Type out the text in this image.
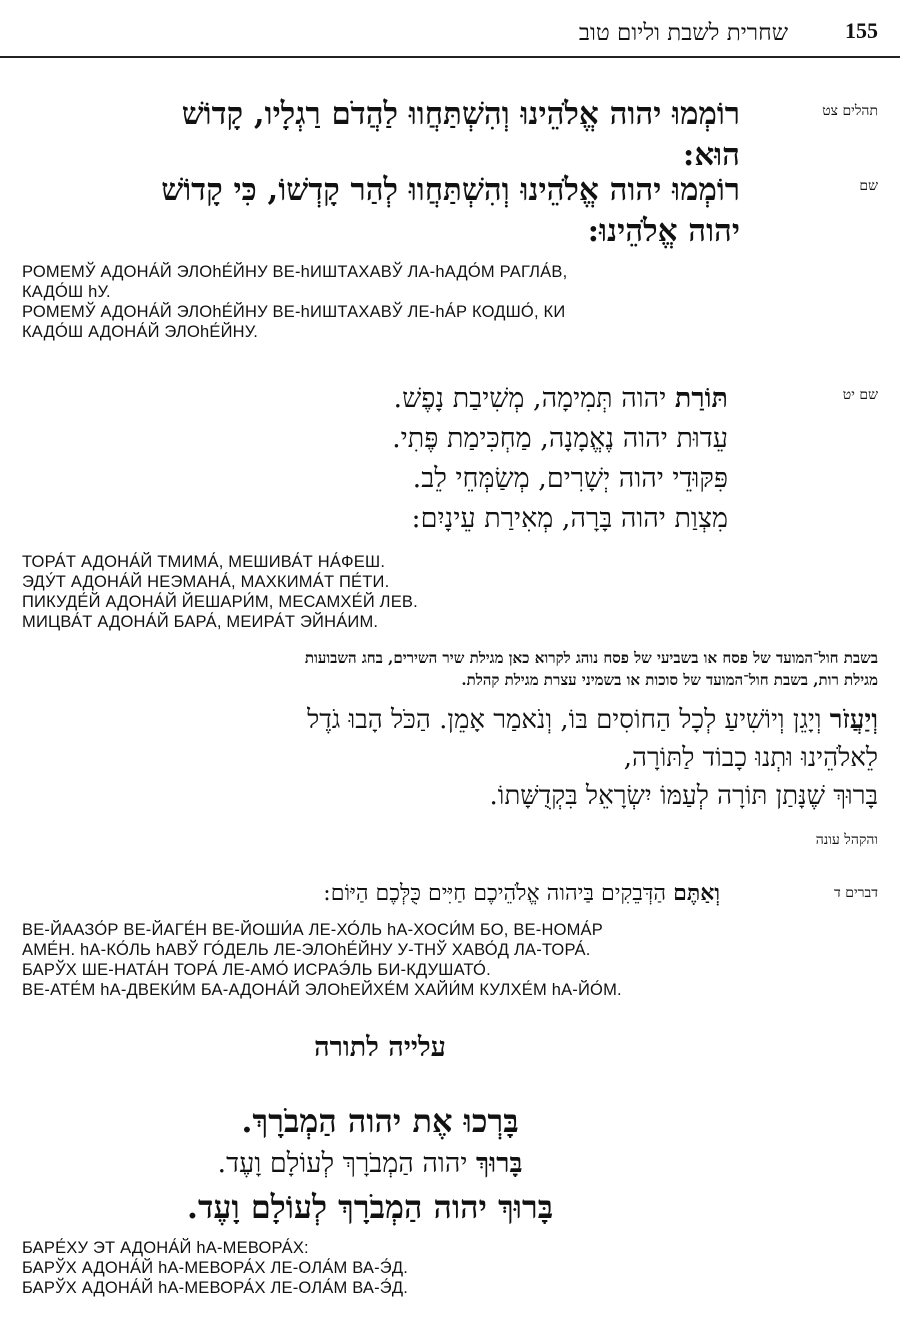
155
שחרית לשבת וליום טוב
תהלים צט
רוֹמְמוּ יהוה אֱלֹהֵינוּ וְהִשְׁתַּחֲווּ לַהֲדֹם רַגְלָיו, קָדוֹשׁ
הוּא:
שם
רוֹמְמוּ יהוה אֱלֹהֵינוּ וְהִשְׁתַּחֲווּ לְהַר קָדְשׁוֹ, כִּי קָדוֹשׁ
יהוה אֱלֹהֵינוּ:
РОМЕМЎ АДОНА́Й ЭЛОhЕ́ЙНУ ВЕ-hИШТАХАВЎ ЛА-hАДО́М РАГЛА́В,
КАДО́Ш hУ.
РОМЕМЎ АДОНА́Й ЭЛОhЕ́ЙНУ ВЕ-hИШТАХАВЎ ЛЕ-hА́Р КОДШО́, КИ
КАДО́Ш АДОНА́Й ЭЛОhЕ́ЙНУ.
שם יט
תּוֹרַת יהוה תְּמִימָה, מְשִׁיבַת נָפֶשׁ.
עֵדוּת יהוה נֶאֱמָנָה, מַחְכִּימַת פֶּתִי.
פִּקּוּדֵי יהוה יְשָׁרִים, מְשַׂמְּחֵי לֵב.
מִצְוַת יהוה בָּרָה, מְאִירַת עֵינָיִם:
ТОРА́Т АДОНА́Й ТМИМА́, МЕШИВА́Т НА́ФЕШ.
ЭДУ́Т АДОНА́Й НЕЭМАНА́, МАХКИМА́Т ПЕ́ТИ.
ПИКУДЕ́Й АДОНА́Й ЙЕШАРИ́М, МЕСАМХЕ́Й ЛЕВ.
МИЦВА́Т АДОНА́Й БАРА́, МЕИРА́Т ЭЙНА́ИМ.
בשבת חול־המועד של פסח או בשביעי של פסח נוהג לקרוא כאן מגילת שיר השירים, בחג השבועות
מגילת רות, בשבת חול־המועד של סוכות או בשמיני עצרת מגילת קהלת.
וְיַעֲזֹר וְיָגֵן וְיוֹשִׁיעַ לְכָל הַחוֹסִים בּוֹ, וְנֹאמַר אָמֵן. הַכֹּל הָבוּ גֹדֶל
לֵאלֹהֵינוּ וּתְנוּ כָבוֹד לַתּוֹרָה,
בָּרוּךְ שֶׁנָּתַן תּוֹרָה לְעַמּוֹ יִשְׂרָאֵל בִּקְדֻשָּׁתוֹ.
והקהל עונה
דברים ד
וְאַתֶּם הַדְּבֵקִים בַּיהוה אֱלֹהֵיכֶם חַיִּים כֻּלְּכֶם הַיּוֹם:
ВЕ-ЙААЗО́Р ВЕ-ЙАГЕ́Н ВЕ-ЙОШИ́А ЛЕ-ХО́ЛЬ hА-ХОСИ́М БО, ВЕ-НОМА́Р
АМЕ́Н. hА-КО́ЛЬ hАВЎ ГО́ДЕЛЬ ЛЕ-ЭЛОhЕ́ЙНУ У-ТНЎ ХАВО́Д ЛА-ТОРА́.
БАРЎХ ШЕ-НАТА́Н ТОРА́ ЛЕ-АМО́ ИСРАЭ́ЛЬ БИ-КДУШАТО́.
ВЕ-АТЕ́М hА-ДВЕКИ́М БА-АДОНА́Й ЭЛОhЕЙХЕ́М ХАЙИ́М КУЛХЕ́М hА-ЙО́М.
עלייה לתורה
בָּרְכוּ אֶת יהוה הַמְבֹרָךְ.
בָּרוּךְ יהוה הַמְבֹרָךְ לְעוֹלָם וָעֶד.
בָּרוּךְ יהוה הַמְבֹרָךְ לְעוֹלָם וָעֶד.
БАРЕ́ХУ ЭТ АДОНА́Й hА-МЕВОРА́Х:
БАРЎХ АДОНА́Й hА-МЕВОРА́Х ЛЕ-ОЛА́М ВА-Э́Д.
БАРЎХ АДОНА́Й hА-МЕВОРА́Х ЛЕ-ОЛА́М ВА-Э́Д.
